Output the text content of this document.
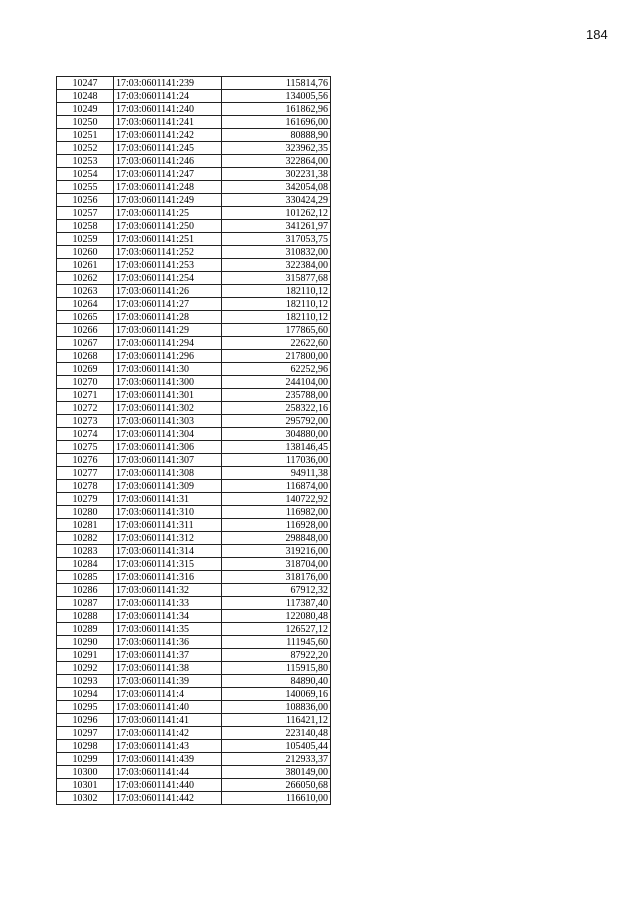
184
10247	17:03:0601141:239	115814,76
10248	17:03:0601141:24	134005,56
10249	17:03:0601141:240	161862,96
10250	17:03:0601141:241	161696,00
10251	17:03:0601141:242	80888,90
10252	17:03:0601141:245	323962,35
10253	17:03:0601141:246	322864,00
10254	17:03:0601141:247	302231,38
10255	17:03:0601141:248	342054,08
10256	17:03:0601141:249	330424,29
10257	17:03:0601141:25	101262,12
10258	17:03:0601141:250	341261,97
10259	17:03:0601141:251	317053,75
10260	17:03:0601141:252	310832,00
10261	17:03:0601141:253	322384,00
10262	17:03:0601141:254	315877,68
10263	17:03:0601141:26	182110,12
10264	17:03:0601141:27	182110,12
10265	17:03:0601141:28	182110,12
10266	17:03:0601141:29	177865,60
10267	17:03:0601141:294	22622,60
10268	17:03:0601141:296	217800,00
10269	17:03:0601141:30	62252,96
10270	17:03:0601141:300	244104,00
10271	17:03:0601141:301	235788,00
10272	17:03:0601141:302	258322,16
10273	17:03:0601141:303	295792,00
10274	17:03:0601141:304	304880,00
10275	17:03:0601141:306	138146,45
10276	17:03:0601141:307	117036,00
10277	17:03:0601141:308	94911,38
10278	17:03:0601141:309	116874,00
10279	17:03:0601141:31	140722,92
10280	17:03:0601141:310	116982,00
10281	17:03:0601141:311	116928,00
10282	17:03:0601141:312	298848,00
10283	17:03:0601141:314	319216,00
10284	17:03:0601141:315	318704,00
10285	17:03:0601141:316	318176,00
10286	17:03:0601141:32	67912,32
10287	17:03:0601141:33	117387,40
10288	17:03:0601141:34	122080,48
10289	17:03:0601141:35	126527,12
10290	17:03:0601141:36	111945,60
10291	17:03:0601141:37	87922,20
10292	17:03:0601141:38	115915,80
10293	17:03:0601141:39	84890,40
10294	17:03:0601141:4	140069,16
10295	17:03:0601141:40	108836,00
10296	17:03:0601141:41	116421,12
10297	17:03:0601141:42	223140,48
10298	17:03:0601141:43	105405,44
10299	17:03:0601141:439	212933,37
10300	17:03:0601141:44	380149,00
10301	17:03:0601141:440	266050,68
10302	17:03:0601141:442	116610,00
